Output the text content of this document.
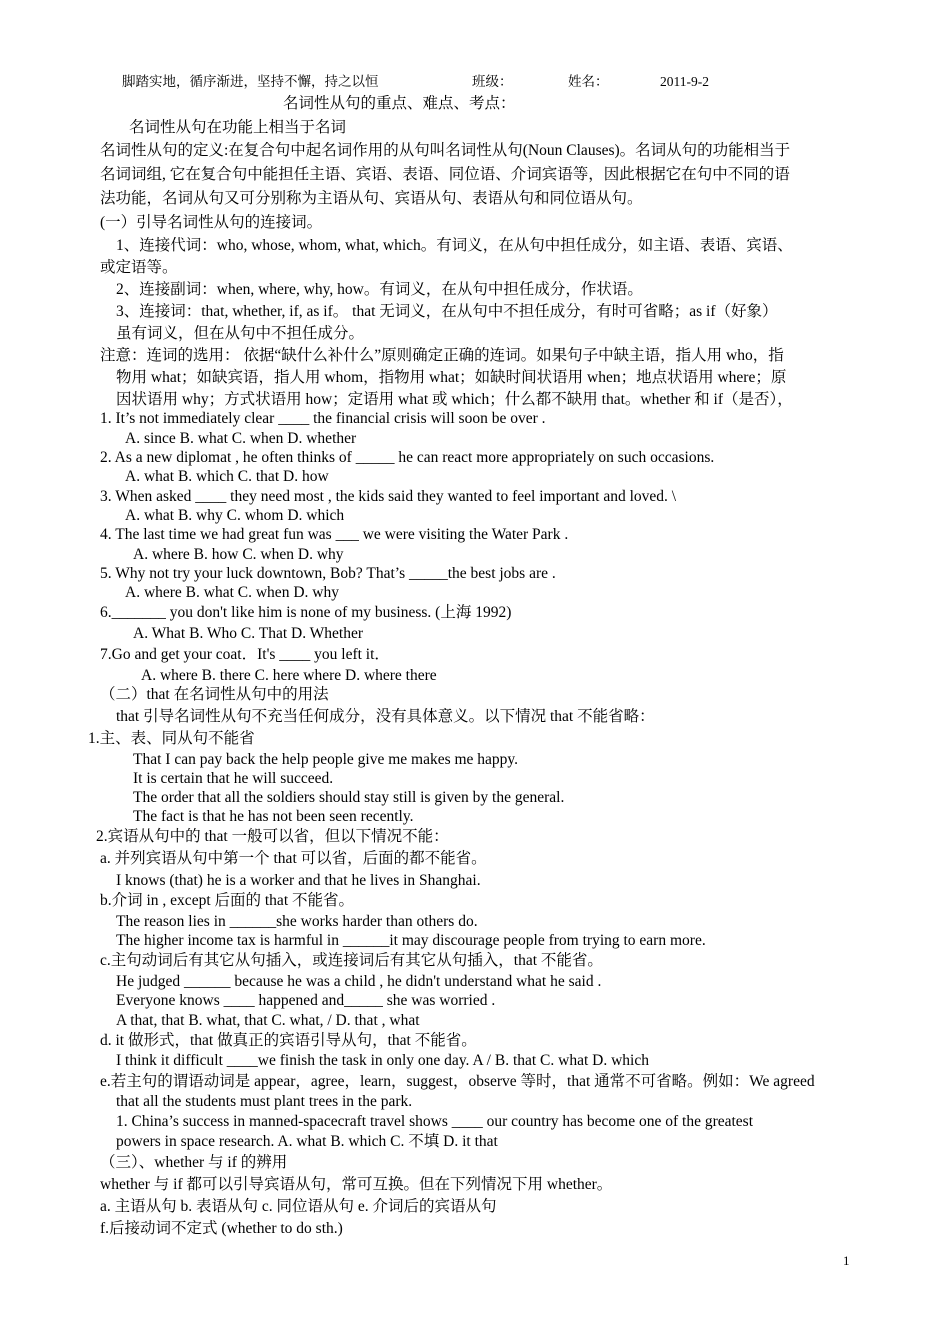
脚踏实地，循序渐进，坚持不懈，持之以恒	班级：	姓名：	2011-9-2
名词性从句的重点、难点、考点：
名词性从句在功能上相当于名词
名词性从句的定义:在复合句中起名词作用的从句叫名词性从句(Noun Clauses)。名词从句的功能相当于
名词词组, 它在复合句中能担任主语、宾语、表语、同位语、介词宾语等，因此根据它在句中不同的语
法功能，名词从句又可分别称为主语从句、宾语从句、表语从句和同位语从句。
(一）引导名词性从句的连接词。
1、连接代词：who, whose, whom, what, which。有词义，在从句中担任成分，如主语、表语、宾语、
或定语等。
2、连接副词：when, where, why, how。有词义，在从句中担任成分，作状语。
3、连接词：that, whether, if, as if。 that 无词义，在从句中不担任成分，有时可省略；as if（好象）
虽有词义，但在从句中不担任成分。
注意：连词的选用： 依据“缺什么补什么”原则确定正确的连词。如果句子中缺主语，指人用 who，指
物用 what；如缺宾语，指人用 whom，指物用 what；如缺时间状语用 when；地点状语用 where；原
因状语用 why；方式状语用 how；定语用 what 或 which；什么都不缺用 that。whether 和 if（是否），
1. It’s not immediately clear ____ the financial crisis will soon be over .
A. since B. what C. when D. whether
2. As a new diplomat , he often thinks of _____ he can react more appropriately on such occasions.
A. what B. which C. that D. how
3. When asked ____ they need most , the kids said they wanted to feel important and loved. \
A. what B. why C. whom D. which
4. The last time we had great fun was ___ we were visiting the Water Park .
A. where B. how C. when D. why
5. Why not try your luck downtown, Bob? That’s _____the best jobs are .
A. where B. what C. when D. why
6._______ you don't like him is none of my business. (上海 1992)
A. What B. Who C. That D. Whether
7.Go and get your coat．It's ____ you left it．
A. where B. there C. here where D. where there
（二）that 在名词性从句中的用法
that 引导名词性从句不充当任何成分，没有具体意义。以下情况 that 不能省略：
1.主、表、同从句不能省
That I can pay back the help people give me makes me happy.
It is certain that he will succeed.
The order that all the soldiers should stay still is given by the general.
The fact is that he has not been seen recently.
2.宾语从句中的 that 一般可以省，但以下情况不能：
a. 并列宾语从句中第一个 that 可以省，后面的都不能省。
I knows (that) he is a worker and that he lives in Shanghai.
b.介词 in , except 后面的 that 不能省。
The reason lies in ______she works harder than others do.
The higher income tax is harmful in ______it may discourage people from trying to earn more.
c.主句动词后有其它从句插入，或连接词后有其它从句插入，that 不能省。
He judged ______ because he was a child , he didn't understand what he said .
Everyone knows ____ happened and_____ she was worried .
A that, that B. what, that C. what, / D. that , what
d. it 做形式，that 做真正的宾语引导从句，that 不能省。
I think it difficult ____we finish the task in only one day. A / B. that C. what D. which
e.若主句的谓语动词是 appear，agree，learn，suggest，observe 等时，that 通常不可省略。例如：We agreed
that all the students must plant trees in the park.
1. China’s success in manned-spacecraft travel shows ____ our country has become one of the greatest
powers in space research. A. what B. which C. 不填 D. it that
（三）、whether 与 if 的辨用
whether 与 if 都可以引导宾语从句，常可互换。但在下列情况下用 whether。
a. 主语从句 b. 表语从句 c. 同位语从句 e. 介词后的宾语从句
f.后接动词不定式 (whether to do sth.)
1
